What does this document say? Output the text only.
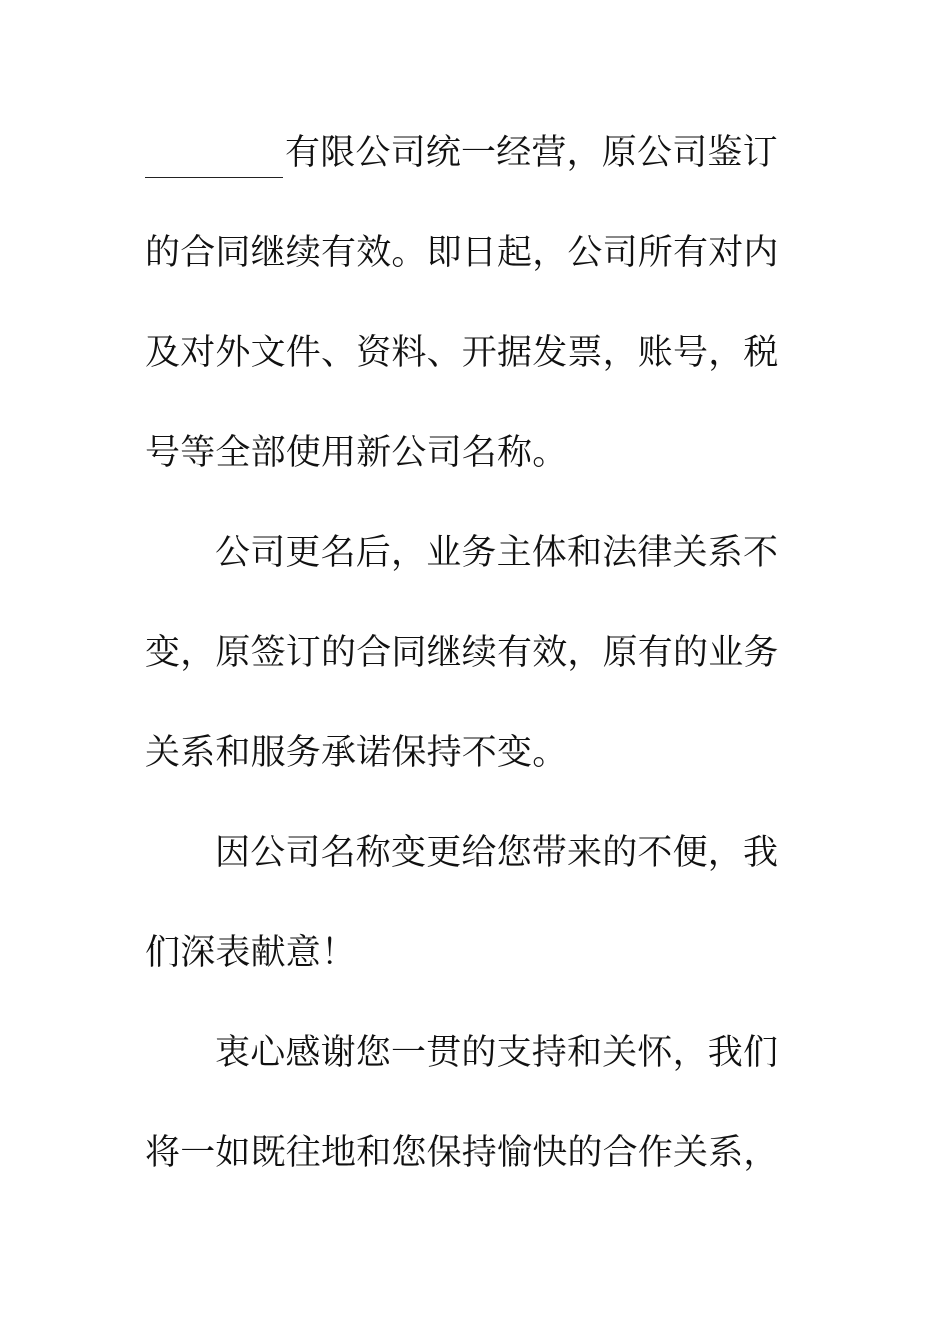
有限公司统一经营，原公司鉴订
的合同继续有效。即日起，公司所有对内
及对外文件、资料、开据发票，账号，税
号等全部使用新公司名称。
公司更名后，业务主体和法律关系不
变，原签订的合同继续有效，原有的业务
关系和服务承诺保持不变。
因公司名称变更给您带来的不便，我
们深表献意！
衷心感谢您一贯的支持和关怀，我们
将一如既往地和您保持愉快的合作关系，
